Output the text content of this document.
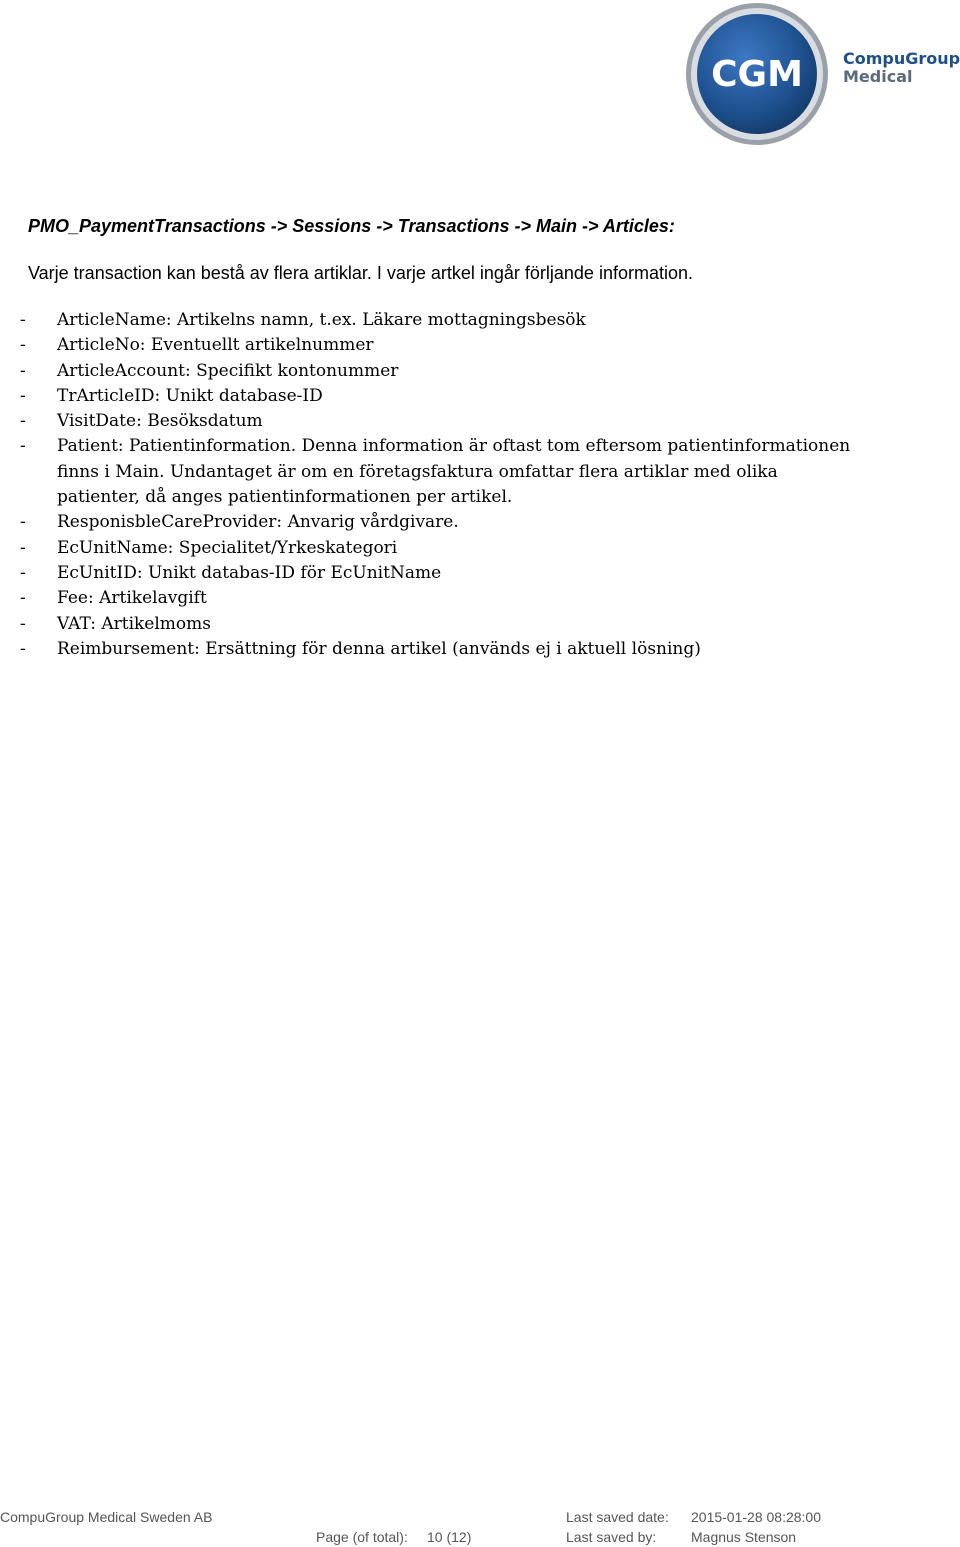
CGM	CompuGroup
Medical
PMO_PaymentTransactions -> Sessions -> Transactions -> Main -> Articles:
Varje transaction kan bestå av flera artiklar. I varje artkel ingår förljande information.
- ArticleName: Artikelns namn, t.ex. Läkare mottagningsbesök
- ArticleNo: Eventuellt artikelnummer
- ArticleAccount: Specifikt kontonummer
- TrArticleID: Unikt database-ID
- VisitDate: Besöksdatum
- Patient: Patientinformation. Denna information är oftast tom eftersom patientinformationen finns i Main. Undantaget är om en företagsfaktura omfattar flera artiklar med olika patienter, då anges patientinformationen per artikel.
- ResponisbleCareProvider: Anvarig vårdgivare.
- EcUnitName: Specialitet/Yrkeskategori
- EcUnitID: Unikt databas-ID för EcUnitName
- Fee: Artikelavgift
- VAT: Artikelmoms
- Reimbursement: Ersättning för denna artikel (används ej i aktuell lösning)
CompuGroup Medical Sweden AB
Page (of total): 10 (12)
Last saved date: 2015-01-28 08:28:00
Last saved by: Magnus Stenson
